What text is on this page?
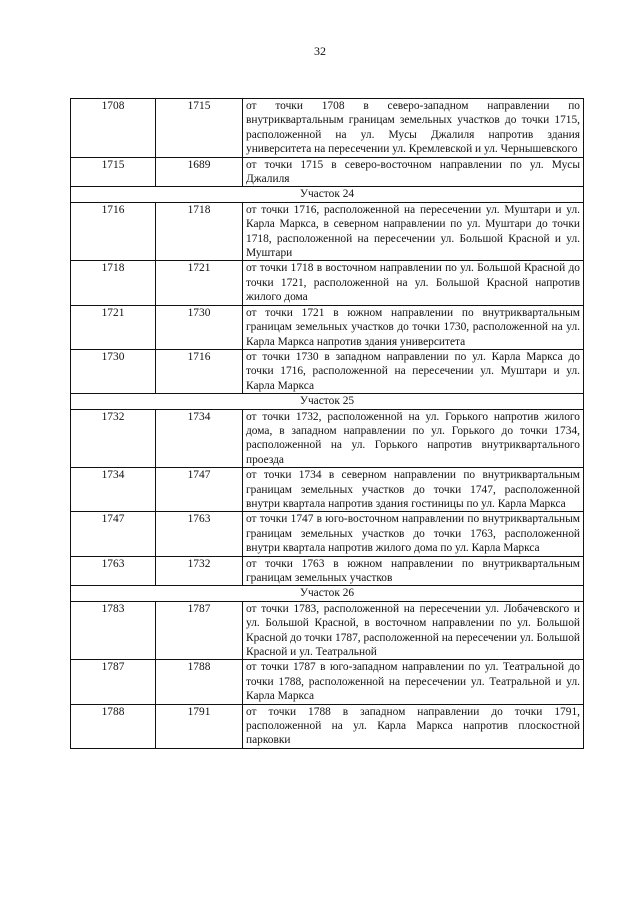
32
1708	1715	от точки 1708 в северо-западном направлении по внутриквартальным границам земельных участков до точки 1715, расположенной на ул. Мусы Джалиля напротив здания университета на пересечении ул. Кремлевской и ул. Чернышевского
1715	1689	от точки 1715 в северо-восточном направлении по ул. Мусы Джалиля
Участок 24		
1716	1718	от точки 1716, расположенной на пересечении ул. Муштари и ул. Карла Маркса, в северном направлении по ул. Муштари до точки 1718, расположенной на пересечении ул. Большой Красной и ул. Муштари
1718	1721	от точки 1718 в восточном направлении по ул. Большой Красной до точки 1721, расположенной на ул. Большой Красной напротив жилого дома
1721	1730	от точки 1721 в южном направлении по внутриквартальным границам земельных участков до точки 1730, расположенной на ул. Карла Маркса напротив здания университета
1730	1716	от точки 1730 в западном направлении по ул. Карла Маркса до точки 1716, расположенной на пересечении ул. Муштари и ул. Карла Маркса
Участок 25		
1732	1734	от точки 1732, расположенной на ул. Горького напротив жилого дома, в западном направлении по ул. Горького до точки 1734, расположенной на ул. Горького напротив внутриквартального проезда
1734	1747	от точки 1734 в северном направлении по внутриквартальным границам земельных участков до точки 1747, расположенной внутри квартала напротив здания гостиницы по ул. Карла Маркса
1747	1763	от точки 1747 в юго-восточном направлении по внутриквартальным границам земельных участков до точки 1763, расположенной внутри квартала напротив жилого дома по ул. Карла Маркса
1763	1732	от точки 1763 в южном направлении по внутриквартальным границам земельных участков
Участок 26		
1783	1787	от точки 1783, расположенной на пересечении ул. Лобачевского и ул. Большой Красной, в восточном направлении по ул. Большой Красной до точки 1787, расположенной на пересечении ул. Большой Красной и ул. Театральной
1787	1788	от точки 1787 в юго-западном направлении по ул. Театральной до точки 1788, расположенной на пересечении ул. Театральной и ул. Карла Маркса
1788	1791	от точки 1788 в западном направлении до точки 1791, расположенной на ул. Карла Маркса напротив плоскостной парковки
